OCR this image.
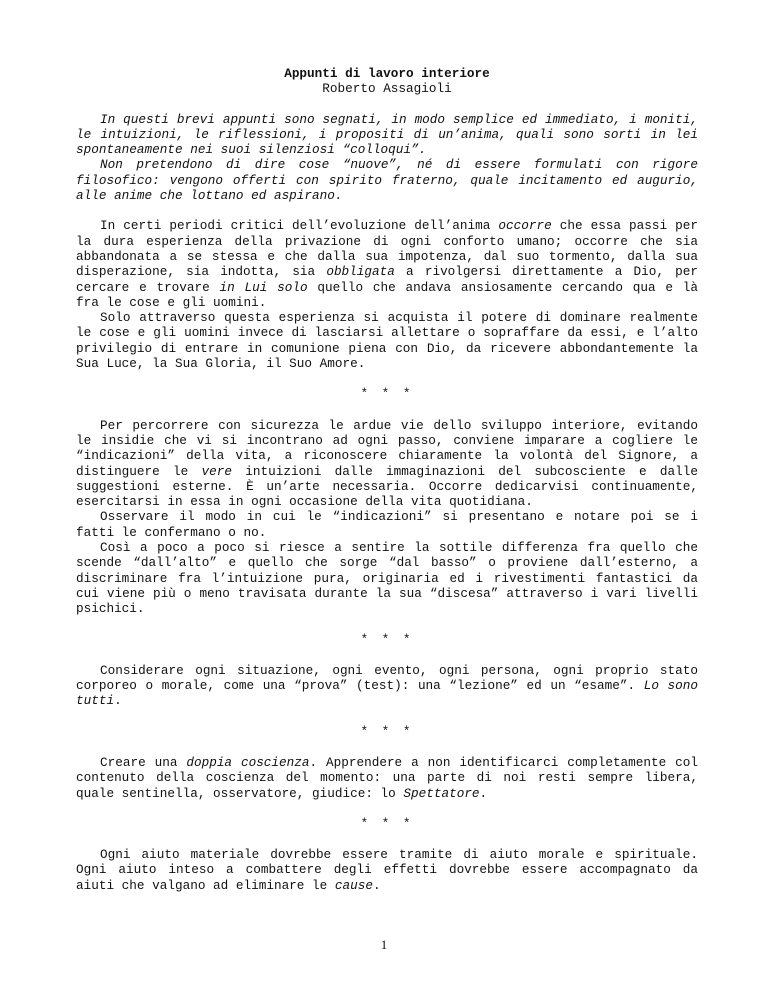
Appunti di lavoro interiore
Roberto Assagioli

In questi brevi appunti sono segnati, in modo semplice ed immediato, i moniti, le intuizioni, le riflessioni, i propositi di un’anima, quali sono sorti in lei spontaneamente nei suoi silenziosi “colloqui”.

Non pretendono di dire cose “nuove”, né di essere formulati con rigore filosofico: vengono offerti con spirito fraterno, quale incitamento ed augurio, alle anime che lottano ed aspirano.

In certi periodi critici dell’evoluzione dell’anima occorre che essa passi per la dura esperienza della privazione di ogni conforto umano; occorre che sia abbandonata a se stessa e che dalla sua impotenza, dal suo tormento, dalla sua disperazione, sia indotta, sia obbligata a rivolgersi direttamente a Dio, per cercare e trovare in Lui solo quello che andava ansiosamente cercando qua e là fra le cose e gli uomini.

Solo attraverso questa esperienza si acquista il potere di dominare realmente le cose e gli uomini invece di lasciarsi allettare o sopraffare da essi, e l’alto privilegio di entrare in comunione piena con Dio, da ricevere abbondantemente la Sua Luce, la Sua Gloria, il Suo Amore.

* * *

Per percorrere con sicurezza le ardue vie dello sviluppo interiore, evitando le insidie che vi si incontrano ad ogni passo, conviene imparare a cogliere le “indicazioni” della vita, a riconoscere chiaramente la volontà del Signore, a distinguere le vere intuizioni dalle immaginazioni del subcosciente e dalle suggestioni esterne. È un’arte necessaria. Occorre dedicarvisi continuamente, esercitarsi in essa in ogni occasione della vita quotidiana.

Osservare il modo in cui le “indicazioni” si presentano e notare poi se i fatti le confermano o no.

Così a poco a poco si riesce a sentire la sottile differenza fra quello che scende “dall’alto” e quello che sorge “dal basso” o proviene dall’esterno, a discriminare fra l’intuizione pura, originaria ed i rivestimenti fantastici da cui viene più o meno travisata durante la sua “discesa” attraverso i vari livelli psichici.

* * *

Considerare ogni situazione, ogni evento, ogni persona, ogni proprio stato corporeo o morale, come una “prova” (test): una “lezione” ed un “esame”. Lo sono tutti.

* * *

Creare una doppia coscienza. Apprendere a non identificarci completamente col contenuto della coscienza del momento: una parte di noi resti sempre libera, quale sentinella, osservatore, giudice: lo Spettatore.

* * *

Ogni aiuto materiale dovrebbe essere tramite di aiuto morale e spirituale. Ogni aiuto inteso a combattere degli effetti dovrebbe essere accompagnato da aiuti che valgano ad eliminare le cause.

1
